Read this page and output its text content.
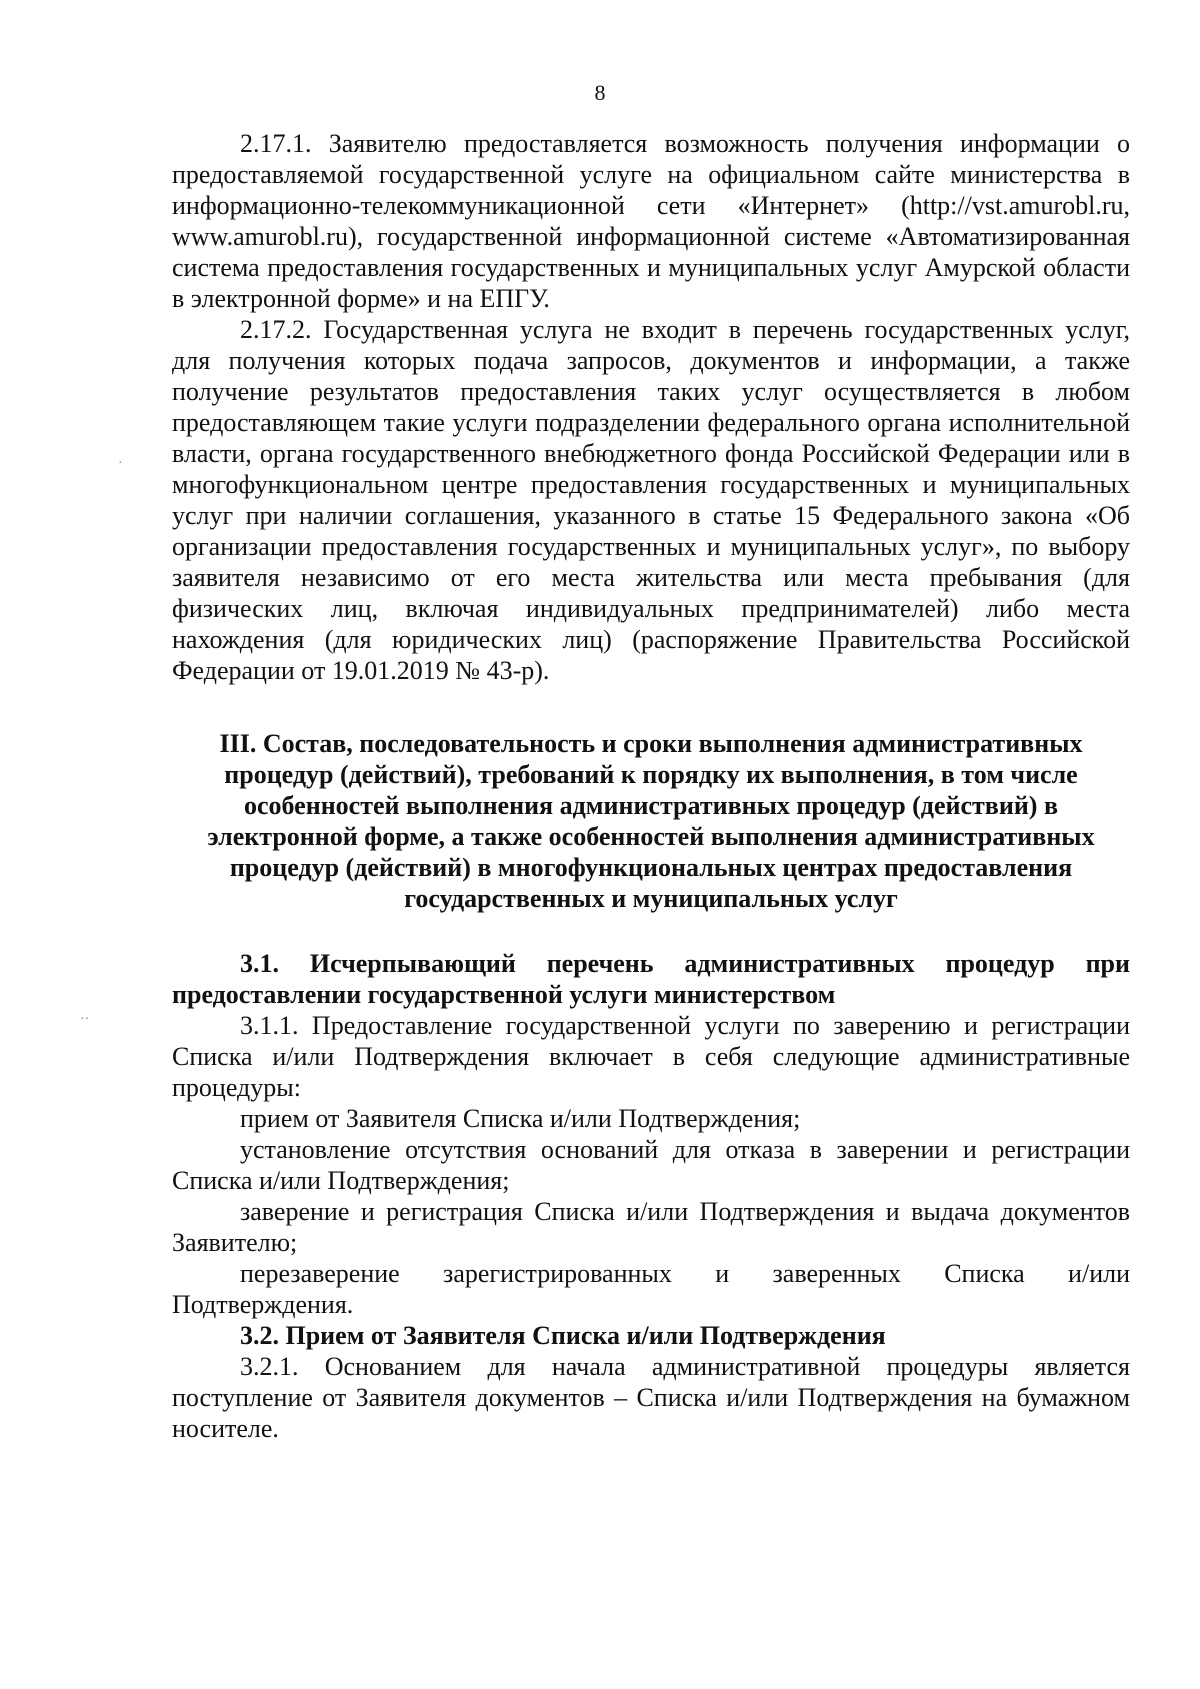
8
·
··

2.17.1. Заявителю предоставляется возможность получения информации о предоставляемой государственной услуге на официальном сайте министерства в информационно-телекоммуникационной сети «Интернет» (http://vst.amurobl.ru, www.amurobl.ru), государственной информационной системе «Автоматизированная система предоставления государственных и муниципальных услуг Амурской области в электронной форме» и на ЕПГУ.

2.17.2. Государственная услуга не входит в перечень государственных услуг, для получения которых подача запросов, документов и информации, а также получение результатов предоставления таких услуг осуществляется в любом предоставляющем такие услуги подразделении федерального органа исполнительной власти, органа государственного внебюджетного фонда Российской Федерации или в многофункциональном центре предоставления государственных и муниципальных услуг при наличии соглашения, указанного в статье 15 Федерального закона «Об организации предоставления государственных и муниципальных услуг», по выбору заявителя независимо от его места жительства или места пребывания (для физических лиц, включая индивидуальных предпринимателей) либо места нахождения (для юридических лиц) (распоряжение Правительства Российской Федерации от 19.01.2019 № 43-р).

III. Состав, последовательность и сроки выполнения административных процедур (действий), требований к порядку их выполнения, в том числе особенностей выполнения административных процедур (действий) в электронной форме, а также особенностей выполнения административных процедур (действий) в многофункциональных центрах предоставления государственных и муниципальных услуг
3.1. Исчерпывающий перечень административных процедур при предоставлении государственной услуги министерством

3.1.1. Предоставление государственной услуги по заверению и регистрации Списка и/или Подтверждения включает в себя следующие административные процедуры:

прием от Заявителя Списка и/или Подтверждения;

установление отсутствия оснований для отказа в заверении и регистрации Списка и/или Подтверждения;

заверение и регистрация Списка и/или Подтверждения и выдача документов Заявителю;

перезаверение зарегистрированных и заверенных Списка и/или Подтверждения.

3.2. Прием от Заявителя Списка и/или Подтверждения

3.2.1. Основанием для начала административной процедуры является поступление от Заявителя документов – Списка и/или Подтверждения на бумажном носителе.
